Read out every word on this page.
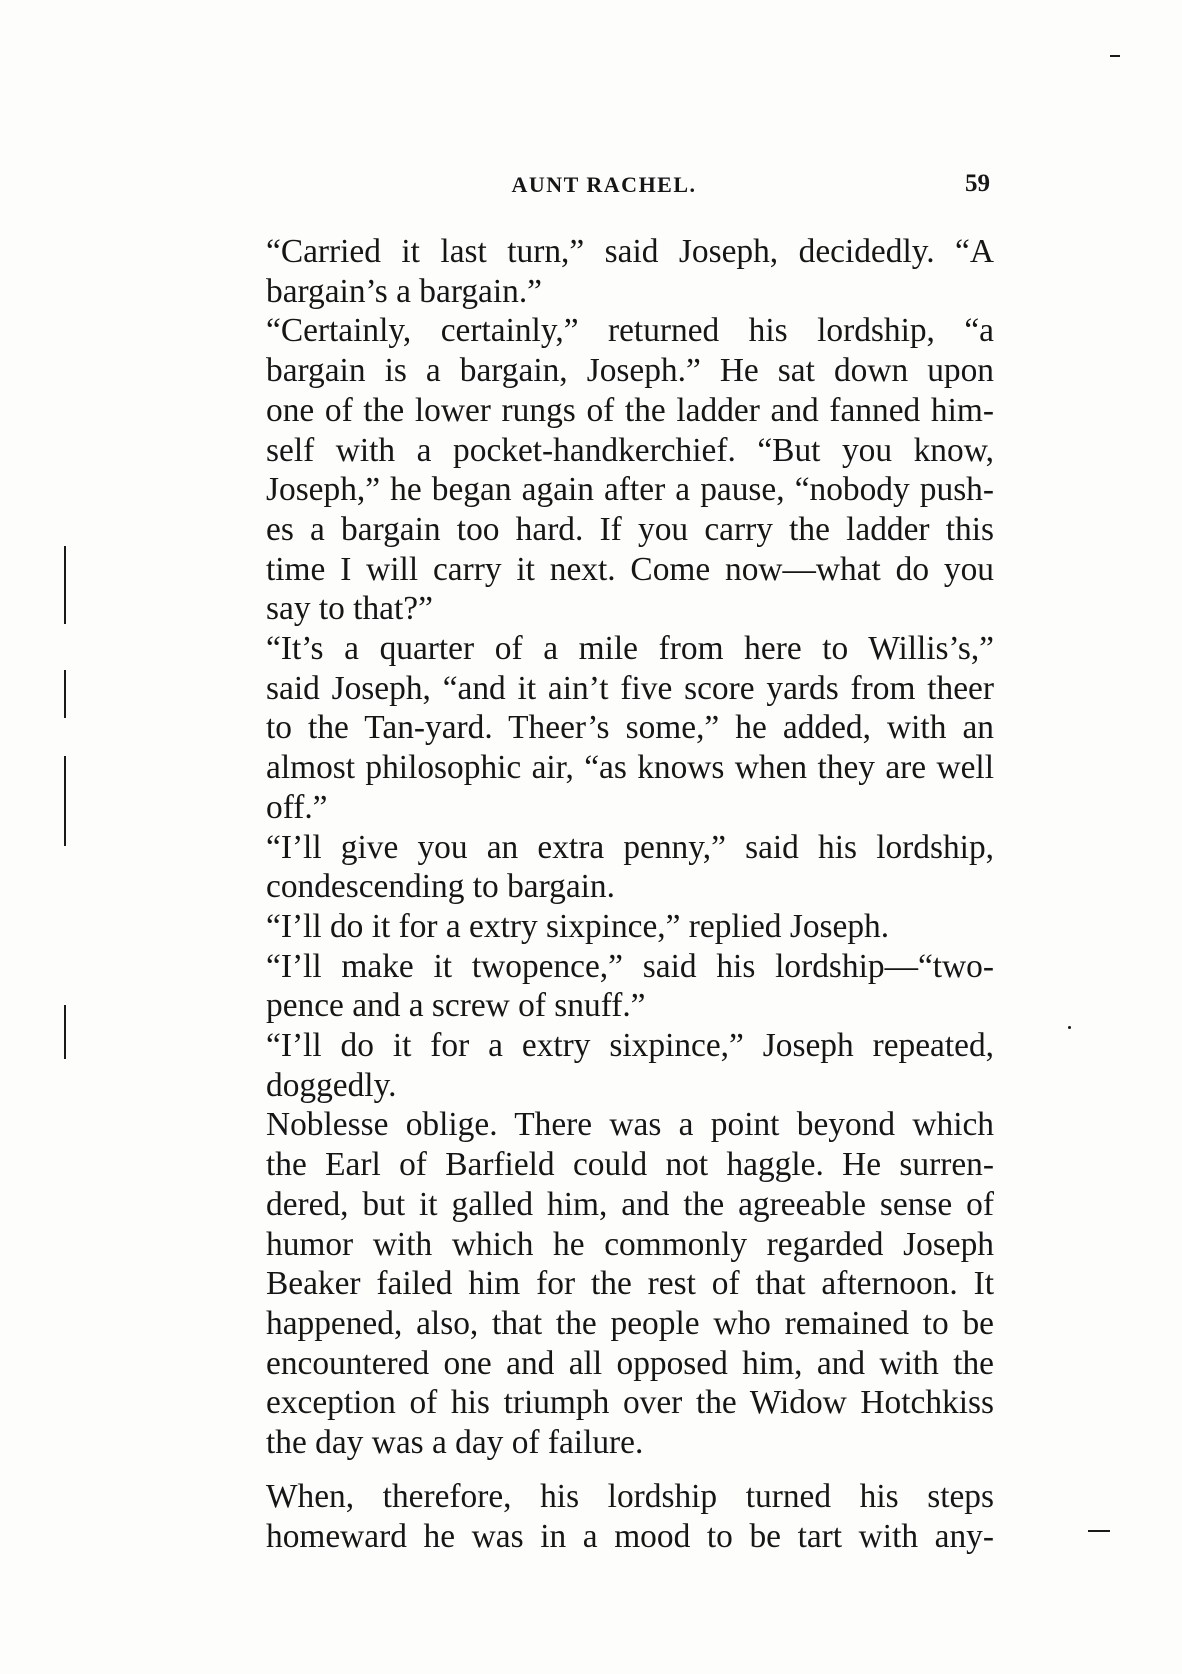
AUNT RACHEL.	59

“Carried it last turn,” said Joseph, decidedly. “A
bargain’s a bargain.”

“Certainly, certainly,” returned his lordship, “a
bargain is a bargain, Joseph.” He sat down upon
one of the lower rungs of the ladder and fanned him-
self with a pocket-handkerchief. “But you know,
Joseph,” he began again after a pause, “nobody push-
es a bargain too hard. If you carry the ladder this
time I will carry it next. Come now—what do you
say to that?”

“It’s a quarter of a mile from here to Willis’s,”
said Joseph, “and it ain’t five score yards from theer
to the Tan-yard. Theer’s some,” he added, with an
almost philosophic air, “as knows when they are well
off.”

“I’ll give you an extra penny,” said his lordship,
condescending to bargain.

“I’ll do it for a extry sixpince,” replied Joseph.

“I’ll make it twopence,” said his lordship—“two-
pence and a screw of snuff.”

“I’ll do it for a extry sixpince,” Joseph repeated,
doggedly.

Noblesse oblige. There was a point beyond which
the Earl of Barfield could not haggle. He surren-
dered, but it galled him, and the agreeable sense of
humor with which he commonly regarded Joseph
Beaker failed him for the rest of that afternoon. It
happened, also, that the people who remained to be
encountered one and all opposed him, and with the
exception of his triumph over the Widow Hotchkiss
the day was a day of failure.

When, therefore, his lordship turned his steps
homeward he was in a mood to be tart with any-
